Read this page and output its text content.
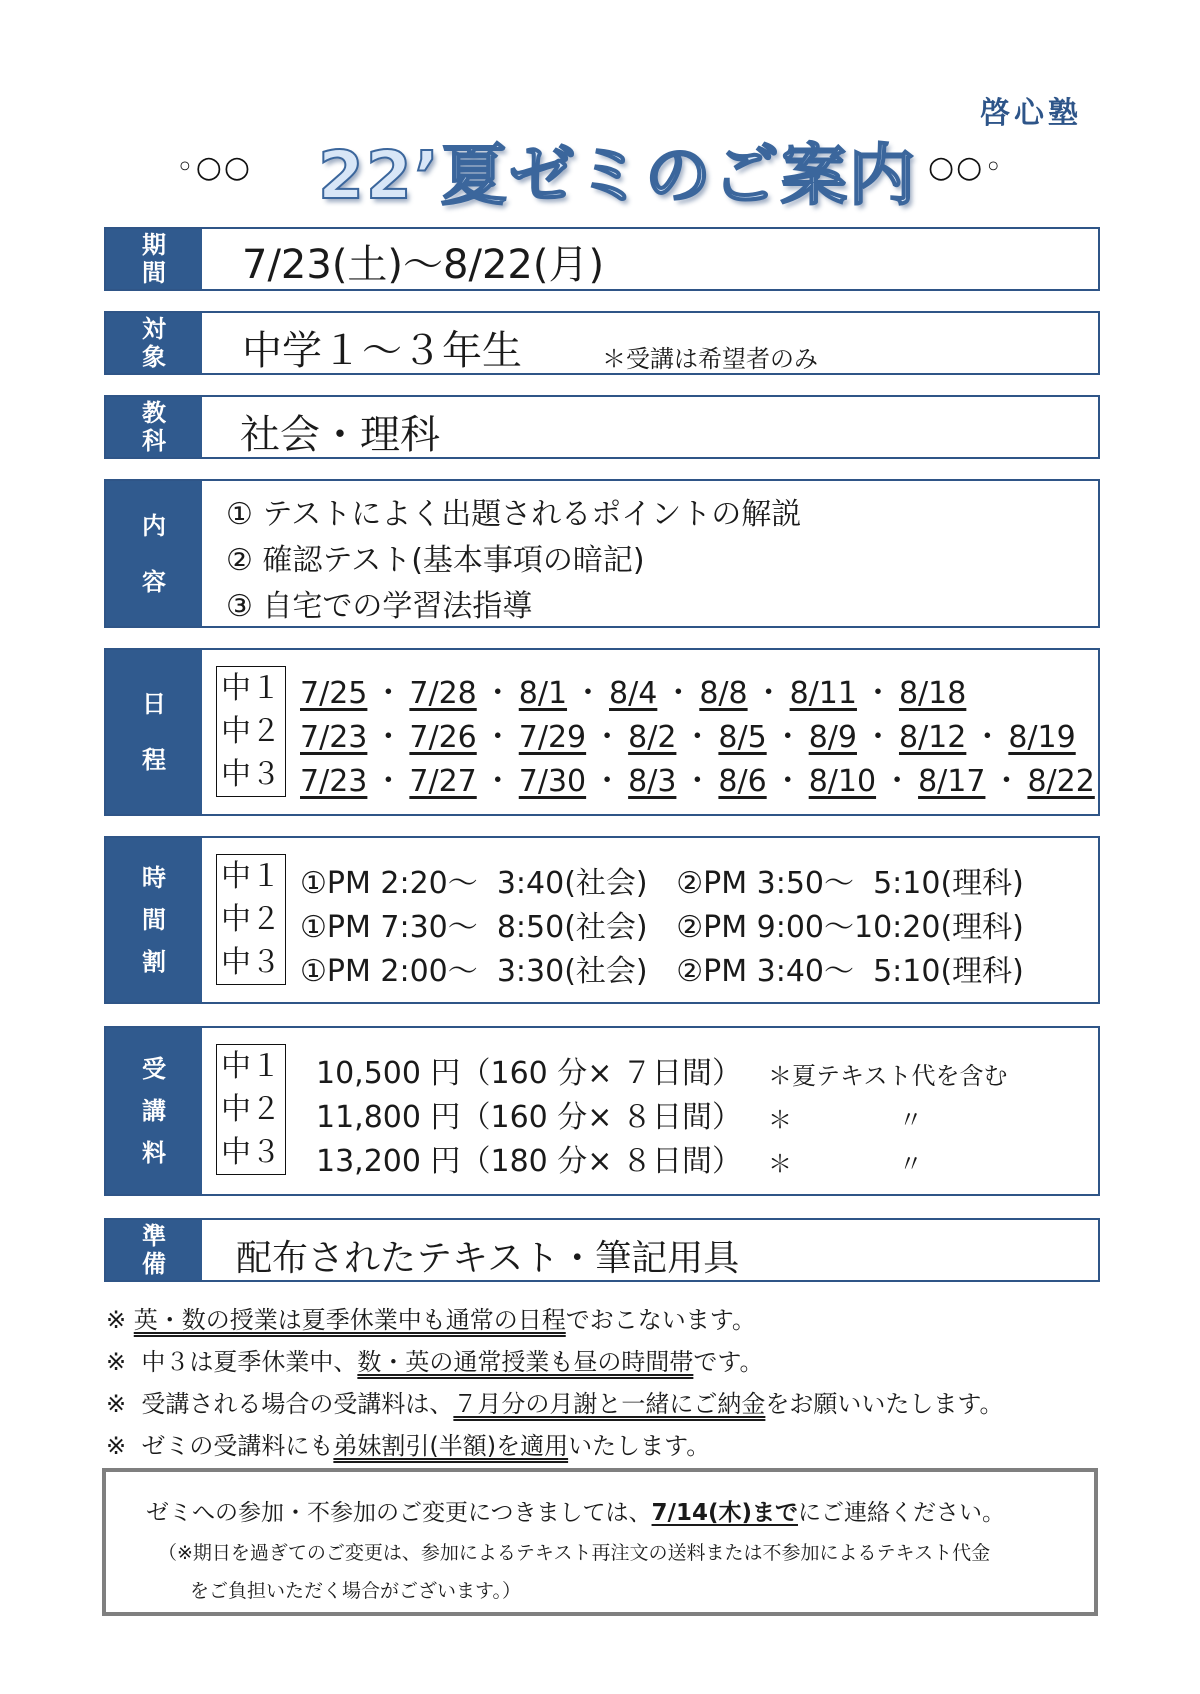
啓心塾
◦○○ 22’夏ゼミのご案内 ○○◦
期間 7/23(土)〜8/22(月)
対象 中学１〜３年生	＊受講は希望者のみ
教科 社会・理科
内容
① テストによく出題されるポイントの解説
② 確認テスト(基本事項の暗記)
③ 自宅での学習法指導
日程
中１
中２
中３
7/25 ・ 7/28 ・ 8/1 ・ 8/4 ・ 8/8 ・ 8/11 ・ 8/18
7/23 ・ 7/26 ・ 7/29 ・ 8/2 ・ 8/5 ・ 8/9 ・ 8/12 ・ 8/19
7/23 ・ 7/27 ・ 7/30 ・ 8/3 ・ 8/6 ・ 8/10 ・ 8/17 ・ 8/22
時間割
中１
中２
中３
①PM 2:20〜  3:40(社会)   ②PM 3:50〜  5:10(理科)
①PM 7:30〜  8:50(社会)   ②PM 9:00〜10:20(理科)
①PM 2:00〜  3:30(社会)   ②PM 3:40〜  5:10(理科)
受講料
中１
中２
中３
10,500 円（160 分× ７日間）
11,800 円（160 分× ８日間）
13,200 円（180 分× ８日間）
＊夏テキスト代を含む
＊              〃
＊              〃
準備 配布されたテキスト・筆記用具
※ 英・数の授業は夏季休業中も通常の日程でおこないます。
※  中３は夏季休業中、数・英の通常授業も昼の時間帯です。
※  受講される場合の受講料は、７月分の月謝と一緒にご納金をお願いいたします。
※  ゼミの受講料にも弟妹割引(半額)を適用いたします。
ゼミへの参加・不参加のご変更につきましては、7/14(木)までにご連絡ください。
（※期日を過ぎてのご変更は、参加によるテキスト再注文の送料または不参加によるテキスト代金
をご負担いただく場合がございます。）
